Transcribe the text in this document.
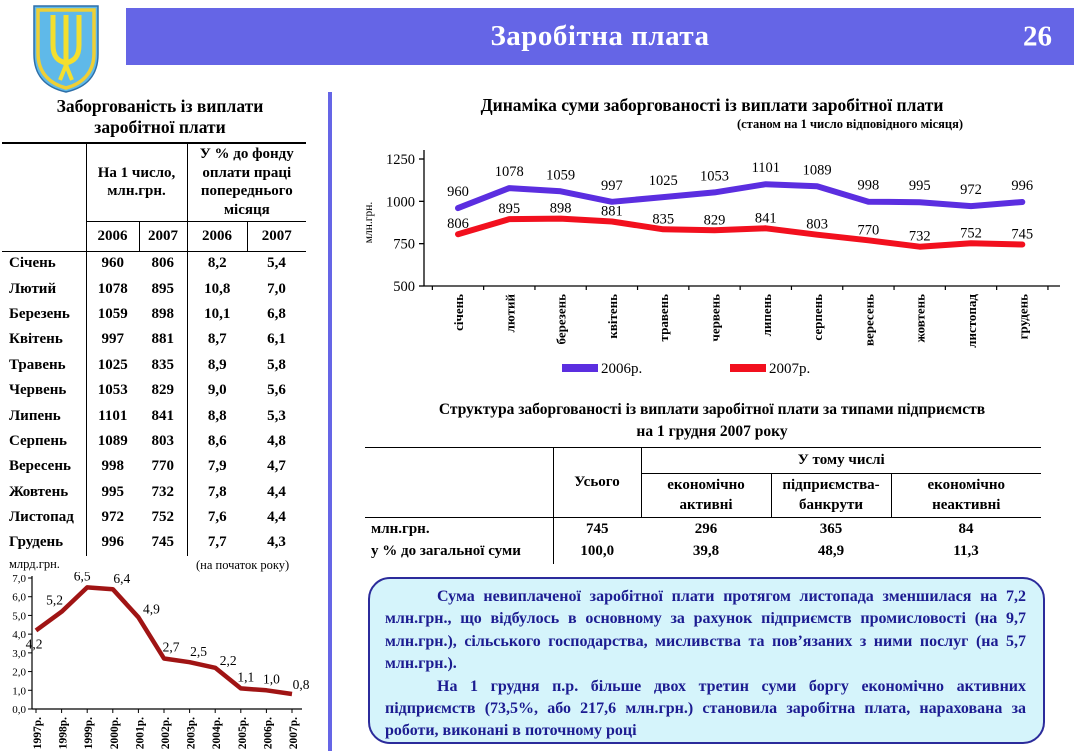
Заробітна плата	26
Заборгованість із виплати
заробітної плати
	На 1 число, млн.грн.		У % до фонду оплати праці попереднього місяця	
	2006	2007	2006	2007
Січень	960	806	8,2	5,4
Лютий	1078	895	10,8	7,0
Березень	1059	898	10,1	6,8
Квітень	997	881	8,7	6,1
Травень	1025	835	8,9	5,8
Червень	1053	829	9,0	5,6
Липень	1101	841	8,8	5,3
Серпень	1089	803	8,6	4,8
Вересень	998	770	7,9	4,7
Жовтень	995	732	7,8	4,4
Листопад	972	752	7,6	4,4
Грудень	996	745	7,7	4,3
млрд.грн.	(на початок року)
0,0
1,0
2,0
3,0
4,0
5,0
6,0
7,0
1997р. 1998р. 1999р. 2000р. 2001р. 2002р. 2003р. 2004р. 2005р. 2006р. 2007р.
4,2
5,2
6,5 6,4
4,9
2,7 2,5
2,2
1,1 1,0 0,8
Динаміка суми заборгованості із виплати заробітної плати
(станом на 1 число відповідного місяця)
1250
1000
750
500
січень	лютий	березень	квітень	травень	червень	липень	серпень	вересень	жовтень	листопад	грудень
млн.грн.
960
1078 1059
997 1025 1053
1101 1089
998 995 972 996
806
895 898 881 835 829 841 803 770 732 752 745
2006р.	2007р.
Структура заборгованості із виплати заробітної плати за типами підприємств
на 1 грудня 2007 року
	Усього	У тому числі		
		економічно активні	підприємства-банкрути	економічно неактивні
млн.грн.	745	296	365	84
у % до загальної суми	100,0	39,8	48,9	11,3

Сума невиплаченої заробітної плати протягом листопада зменшилася на 7,2 млн.грн., що відбулось в основному за рахунок підприємств промисловості (на 9,7 млн.грн.), сільського господарства, мисливства та пов’язаних з ними послуг (на 5,7 млн.грн.).

На 1 грудня п.р. більше двох третин суми боргу економічно активних підприємств (73,5%, або 217,6 млн.грн.) становила заробітна плата, нарахована за роботи, виконані в поточному році
